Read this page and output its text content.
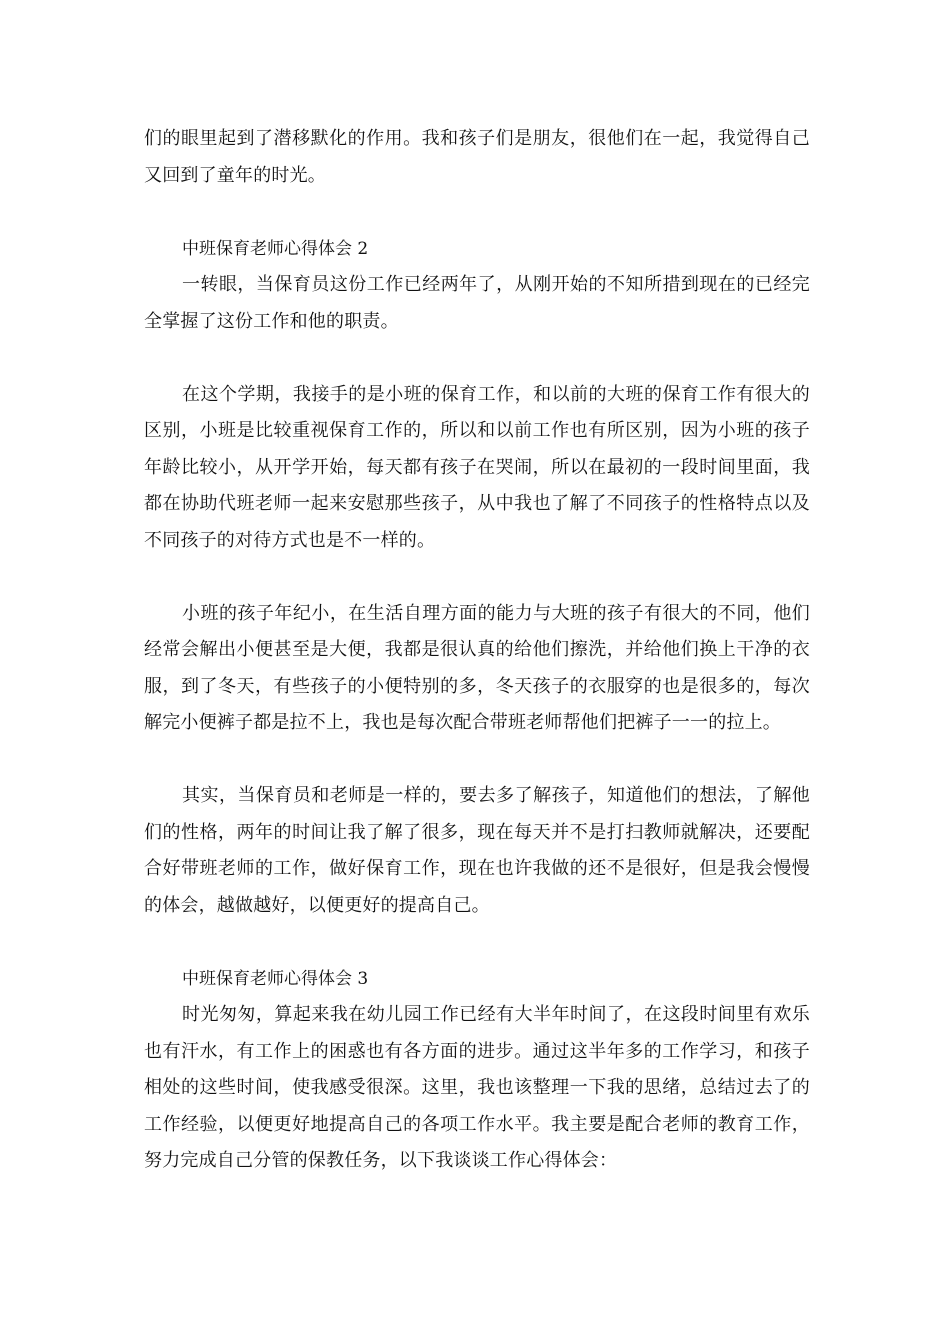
们的眼里起到了潜移默化的作用。我和孩子们是朋友，很他们在一起，我觉得自己又回到了童年的时光。

中班保育老师心得体会 2

一转眼，当保育员这份工作已经两年了，从刚开始的不知所措到现在的已经完全掌握了这份工作和他的职责。

在这个学期，我接手的是小班的保育工作，和以前的大班的保育工作有很大的区别，小班是比较重视保育工作的，所以和以前工作也有所区别，因为小班的孩子年龄比较小，从开学开始，每天都有孩子在哭闹，所以在最初的一段时间里面，我都在协助代班老师一起来安慰那些孩子，从中我也了解了不同孩子的性格特点以及不同孩子的对待方式也是不一样的。

小班的孩子年纪小，在生活自理方面的能力与大班的孩子有很大的不同，他们经常会解出小便甚至是大便，我都是很认真的给他们擦洗，并给他们换上干净的衣服，到了冬天，有些孩子的小便特别的多，冬天孩子的衣服穿的也是很多的，每次解完小便裤子都是拉不上，我也是每次配合带班老师帮他们把裤子一一的拉上。

其实，当保育员和老师是一样的，要去多了解孩子，知道他们的想法，了解他们的性格，两年的时间让我了解了很多，现在每天并不是打扫教师就解决，还要配合好带班老师的工作，做好保育工作，现在也许我做的还不是很好，但是我会慢慢的体会，越做越好，以便更好的提高自己。

中班保育老师心得体会 3

时光匆匆，算起来我在幼儿园工作已经有大半年时间了，在这段时间里有欢乐也有汗水，有工作上的困惑也有各方面的进步。通过这半年多的工作学习，和孩子相处的这些时间，使我感受很深。这里，我也该整理一下我的思绪，总结过去了的工作经验，以便更好地提高自己的各项工作水平。我主要是配合老师的教育工作，努力完成自己分管的保教任务，以下我谈谈工作心得体会：
